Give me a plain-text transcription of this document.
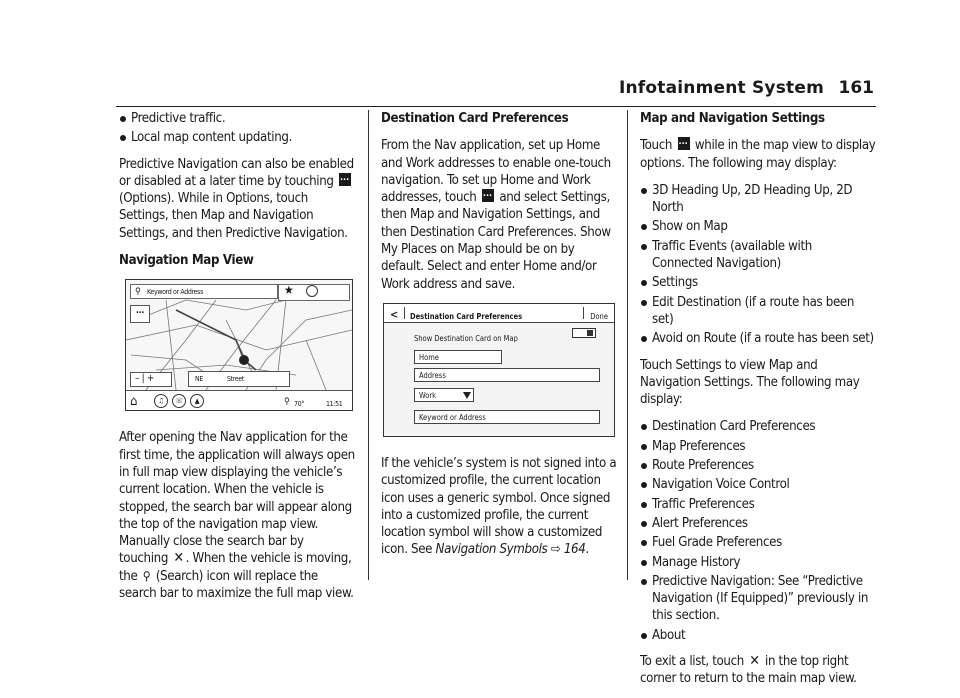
Infotainment System 161
Predictive traffic.
Local map content updating.

Predictive Navigation can also be enabled or disabled at a later time by touching ... (Options). While in Options, touch Settings, then Map and Navigation Settings, and then Predictive Navigation.

Navigation Map View

⚲ Keyword or Address	★
...
– | +	NE	Street
⌂	♫	☏	▲	⚲ 70°	11:51

After opening the Nav application for the first time, the application will always open in full map view displaying the vehicle’s current location. When the vehicle is stopped, the search bar will appear along the top of the navigation map view. Manually close the search bar by touching ✕ . When the vehicle is moving, the ⚲ (Search) icon will replace the search bar to maximize the full map view.

Destination Card Preferences

From the Nav application, set up Home and Work addresses to enable one-touch navigation. To set up Home and Work addresses, touch ... and select Settings, then Map and Navigation Settings, and then Destination Card Preferences. Show My Places on Map should be on by default. Select and enter Home and/or Work address and save.

< Destination Card Preferences	Done
Show Destination Card on Map
Home
Address
Work
Keyword or Address

If the vehicle’s system is not signed into a customized profile, the current location icon uses a generic symbol. Once signed into a customized profile, the current location symbol will show a customized icon. See Navigation Symbols ⇨ 164.

Map and Navigation Settings

Touch ... while in the map view to display options. The following may display:

3D Heading Up, 2D Heading Up, 2D North
Show on Map
Traffic Events (available with Connected Navigation)
Settings
Edit Destination (if a route has been set)
Avoid on Route (if a route has been set)

Touch Settings to view Map and Navigation Settings. The following may display:

Destination Card Preferences
Map Preferences
Route Preferences
Navigation Voice Control
Traffic Preferences
Alert Preferences
Fuel Grade Preferences
Manage History
Predictive Navigation: See “Predictive Navigation (If Equipped)” previously in this section.
About

To exit a list, touch ✕ in the top right corner to return to the main map view.
